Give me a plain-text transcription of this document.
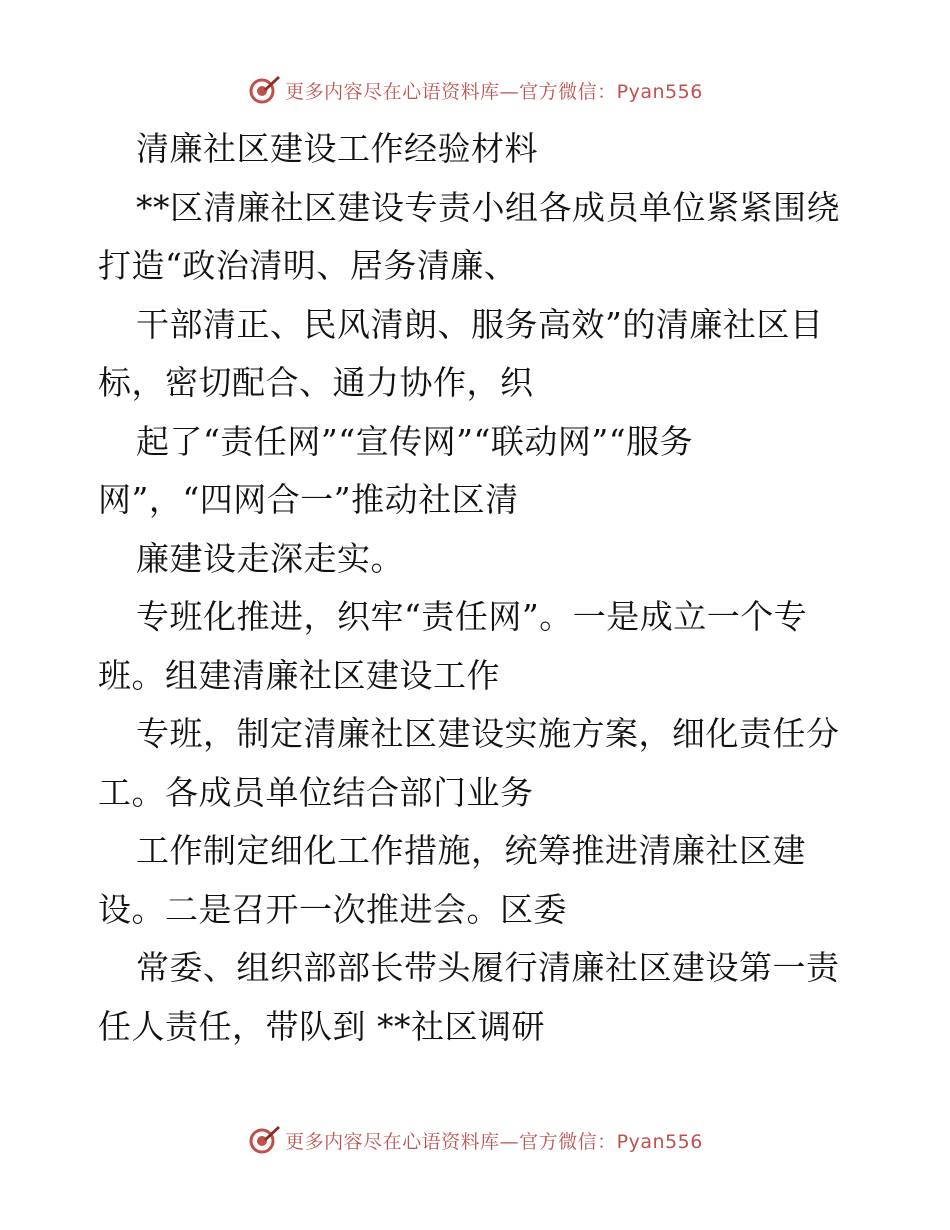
更多内容尽在心语资料库—官方微信：Pyan556
清廉社区建设工作经验材料
**区清廉社区建设专责小组各成员单位紧紧围绕
打造“政治清明、居务清廉、
干部清正、民风清朗、服务高效”的清廉社区目
标，密切配合、通力协作，织
起了“责任网”“宣传网”“联动网”“服务
网”，“四网合一”推动社区清
廉建设走深走实。
专班化推进，织牢“责任网”。一是成立一个专
班。组建清廉社区建设工作
专班，制定清廉社区建设实施方案，细化责任分
工。各成员单位结合部门业务
工作制定细化工作措施，统筹推进清廉社区建
设。二是召开一次推进会。区委
常委、组织部部长带头履行清廉社区建设第一责
任人责任，带队到 **社区调研
更多内容尽在心语资料库—官方微信：Pyan556
